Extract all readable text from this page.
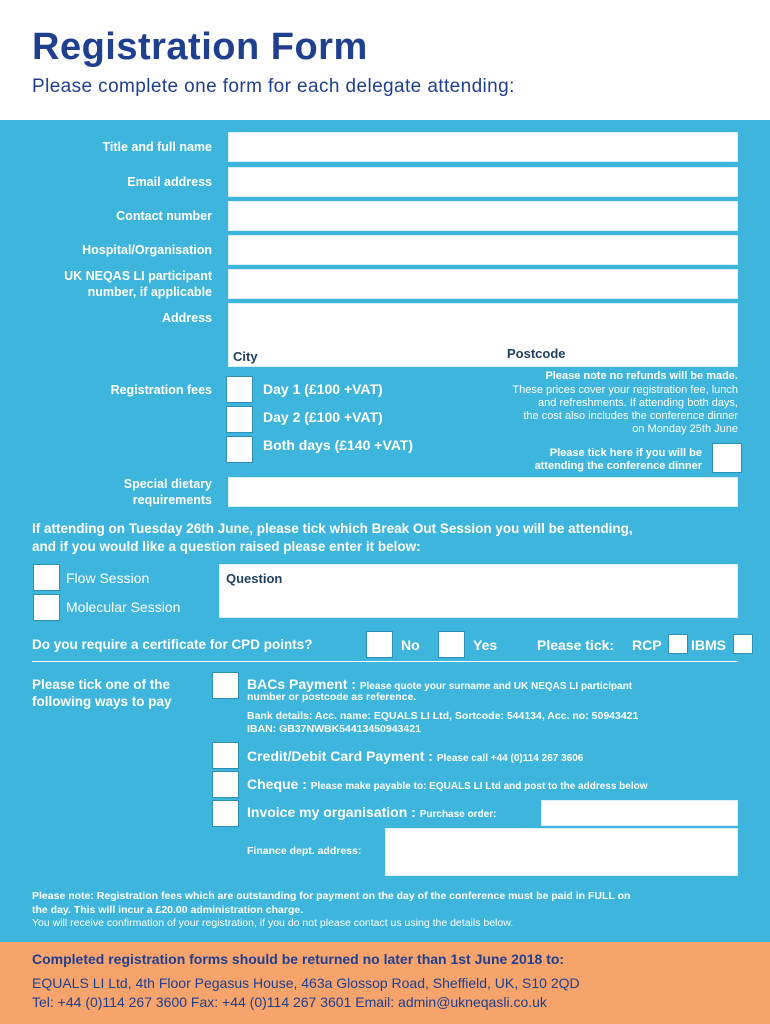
Registration Form
Please complete one form for each delegate attending:
Title and full name
Email address
Contact number
Hospital/Organisation
UK NEQAS LI participant
number, if applicable
Address
City	Postcode
Registration fees	Day 1 (£100 +VAT)
Day 2 (£100 +VAT)
Both days (£140 +VAT)
Please note no refunds will be made.
These prices cover your registration fee, lunch
and refreshments. If attending both days,
the cost also includes the conference dinner
on Monday 25th June
Please tick here if you will be
attending the conference dinner
Special dietary
requirements
If attending on Tuesday 26th June, please tick which Break Out Session you will be attending,
and if you would like a question raised please enter it below:
Flow Session
Molecular Session
Question
Do you require a certificate for CPD points?	No	Yes	Please tick: RCP IBMS
Please tick one of the
following ways to pay
BACs Payment : Please quote your surname and UK NEQAS LI participant
number or postcode as reference.
Bank details: Acc. name: EQUALS LI Ltd, Sortcode: 544134, Acc. no: 50943421
IBAN: GB37NWBK54413450943421
Credit/Debit Card Payment : Please call +44 (0)114 267 3606
Cheque : Please make payable to: EQUALS LI Ltd and post to the address below
Invoice my organisation : Purchase order:
Finance dept. address:
Please note: Registration fees which are outstanding for payment on the day of the conference must be paid in FULL on
the day. This will incur a £20.00 administration charge.
You will receive confirmation of your registration, if you do not please contact us using the details below.
Completed registration forms should be returned no later than 1st June 2018 to:
EQUALS LI Ltd, 4th Floor Pegasus House, 463a Glossop Road, Sheffield, UK, S10 2QD
Tel: +44 (0)114 267 3600 Fax: +44 (0)114 267 3601 Email: admin@ukneqasli.co.uk
